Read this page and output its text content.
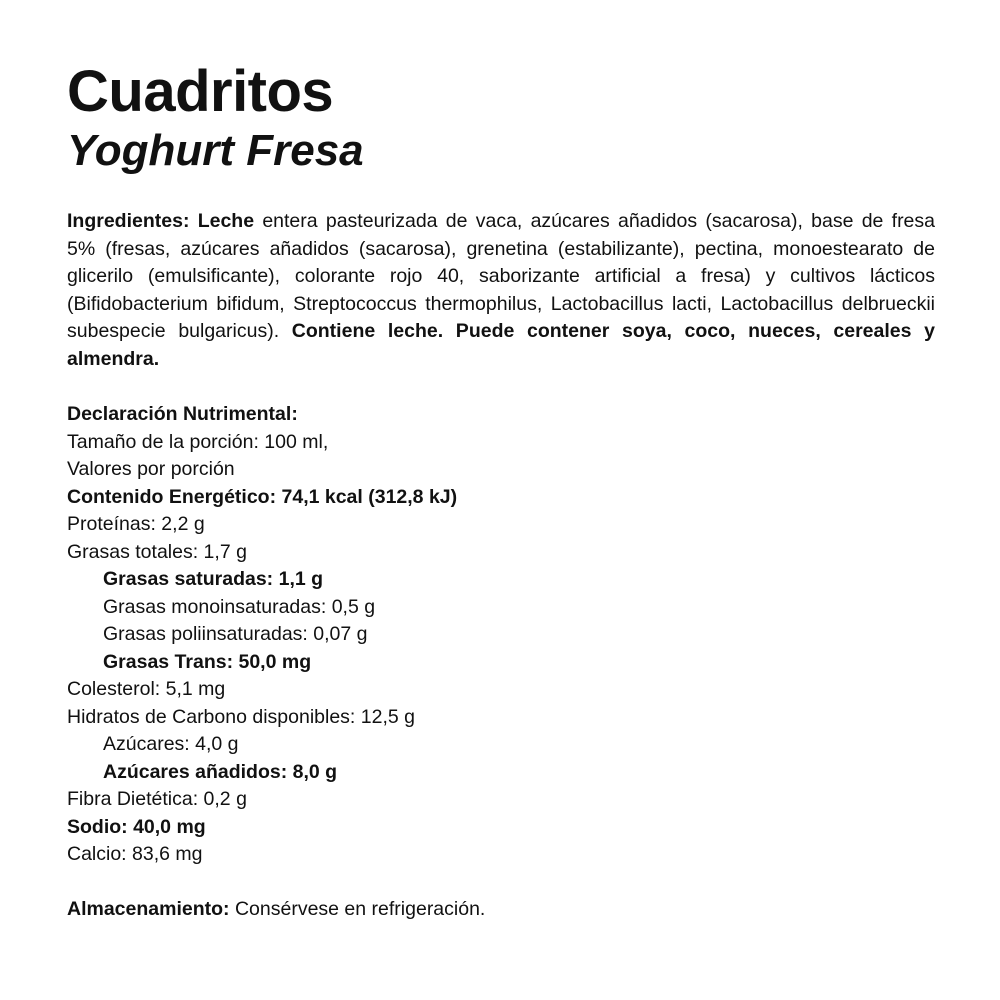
Cuadritos
Yoghurt Fresa
Ingredientes: Leche entera pasteurizada de vaca, azúcares añadidos (sacarosa), base de fresa 5% (fresas, azúcares añadidos (sacarosa), grenetina (estabilizante), pectina, monoestearato de glicerilo (emulsificante), colorante rojo 40, saborizante artificial a fresa) y cultivos lácticos (Bifidobacterium bifidum, Streptococcus thermophilus, Lactobacillus lacti, Lactobacillus delbrueckii subespecie bulgaricus). Contiene leche. Puede contener soya, coco, nueces, cereales y almendra.
Declaración Nutrimental:
Tamaño de la porción: 100 ml,
Valores por porción
Contenido Energético: 74,1 kcal (312,8 kJ)
Proteínas: 2,2 g
Grasas totales: 1,7 g
Grasas saturadas: 1,1 g
Grasas monoinsaturadas: 0,5 g
Grasas poliinsaturadas: 0,07 g
Grasas Trans: 50,0 mg
Colesterol: 5,1 mg
Hidratos de Carbono disponibles: 12,5 g
Azúcares: 4,0 g
Azúcares añadidos: 8,0 g
Fibra Dietética: 0,2 g
Sodio: 40,0 mg
Calcio: 83,6 mg
Almacenamiento: Consérvese en refrigeración.
